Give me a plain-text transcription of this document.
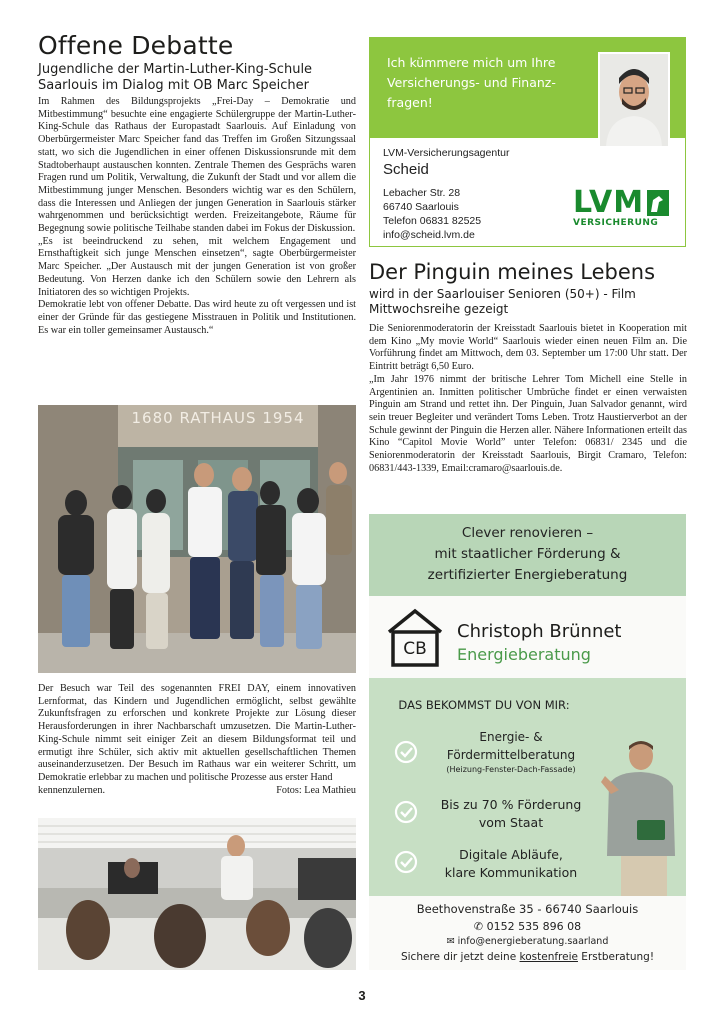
Offene Debatte
Jugendliche der Martin-Luther-King-Schule
Saarlouis im Dialog mit OB Marc Speicher

Im Rahmen des Bildungsprojekts „Frei-Day – Demokratie und Mitbestimmung“ besuchte eine engagierte Schülergruppe der Martin-Luther-King-Schule das Rathaus der Europastadt Saarlouis. Auf Einladung von Oberbürgermeister Marc Speicher fand das Treffen im Großen Sitzungssaal statt, wo sich die Jugendlichen in einer offenen Diskussionsrunde mit dem Stadtoberhaupt austauschen konnten. Zentrale Themen des Gesprächs waren Fragen rund um Politik, Verwaltung, die Zukunft der Stadt und vor allem die Mitbestimmung junger Menschen. Besonders wichtig war es den Schülern, dass die Interessen und Anliegen der jungen Generation in Saarlouis stärker wahrgenommen und berücksichtigt werden. Freizeitangebote, Räume für Begegnung sowie politische Teilhabe standen dabei im Fokus der Diskussion.

„Es ist beeindruckend zu sehen, mit welchem Engagement und Ernsthaftigkeit sich junge Menschen einsetzen“, sagte Oberbürgermeister Marc Speicher. „Der Austausch mit der jungen Generation ist von großer Bedeutung. Von Herzen danke ich den Schülern sowie den Lehrern als Initiatoren des so wichtigen Projekts.

Demokratie lebt von offener Debatte. Das wird heute zu oft vergessen und ist einer der Gründe für das gestiegene Misstrauen in Politik und Institutionen. Es war ein toller gemeinsamer Austausch.“

1680 RATHAUS 1954

Der Besuch war Teil des sogenannten FREI DAY, einem innovativen Lernformat, das Kindern und Jugendlichen ermöglicht, selbst gewählte Zukunftsfragen zu erforschen und konkrete Projekte zur Lösung dieser Herausforderungen in ihrer Nachbarschaft umzusetzen. Die Martin-Luther-King-Schule nimmt seit einiger Zeit an diesem Bildungsformat teil und ermutigt ihre Schüler, sich aktiv mit aktuellen gesellschaftlichen Themen auseinanderzusetzen. Der Besuch im Rathaus war ein weiterer Schritt, um Demokratie erlebbar zu machen und politische Prozesse aus erster Hand

kennenzulernen.	Fotos: Lea Mathieu
Ich kümmere mich um Ihre Versicherungs- und Finanz-fragen!
LVM-Versicherungsagentur
Scheid
Lebacher Str. 28
66740 Saarlouis
Telefon 06831 82525
info@scheid.lvm.de
LVM
VERSICHERUNG
Der Pinguin meines Lebens
wird in der Saarlouiser Senioren (50+) - Film Mittwochsreihe gezeigt

Die Seniorenmoderatorin der Kreisstadt Saarlouis bietet in Kooperation mit dem Kino „My movie World“ Saarlouis wieder einen neuen Film an. Die Vorführung findet am Mittwoch, dem 03. September um 17:00 Uhr statt. Der Eintritt beträgt 6,50 Euro.

„Im Jahr 1976 nimmt der britische Lehrer Tom Michell eine Stelle in Argentinien an. Inmitten politischer Umbrüche findet er einen verwaisten Pinguin am Strand und rettet ihn. Der Pinguin, Juan Salvador genannt, wird sein treuer Begleiter und verändert Toms Leben. Trotz Haustierverbot an der Schule gewinnt der Pinguin die Herzen aller. Nähere Informationen erteilt das Kino “Capitol Movie World” unter Telefon: 06831/ 2345 und die Seniorenmoderatorin der Kreisstadt Saarlouis, Birgit Cramaro, Telefon: 06831/443-1339, Email:cramaro@saarlouis.de.

Clever renovieren –
mit staatlicher Förderung &
zertifizierter Energieberatung
CB
Christoph Brünnet
Energieberatung
DAS BEKOMMST DU VON MIR:
Energie- &
Fördermittelberatung
(Heizung-Fenster-Dach-Fassade)
Bis zu 70 % Förderung
vom Staat
Digitale Abläufe,
klare Kommunikation
Beethovenstraße 35 - 66740 Saarlouis
✆ 0152 535 896 08
✉ info@energieberatung.saarland
Sichere dir jetzt deine kostenfreie Erstberatung!
3
